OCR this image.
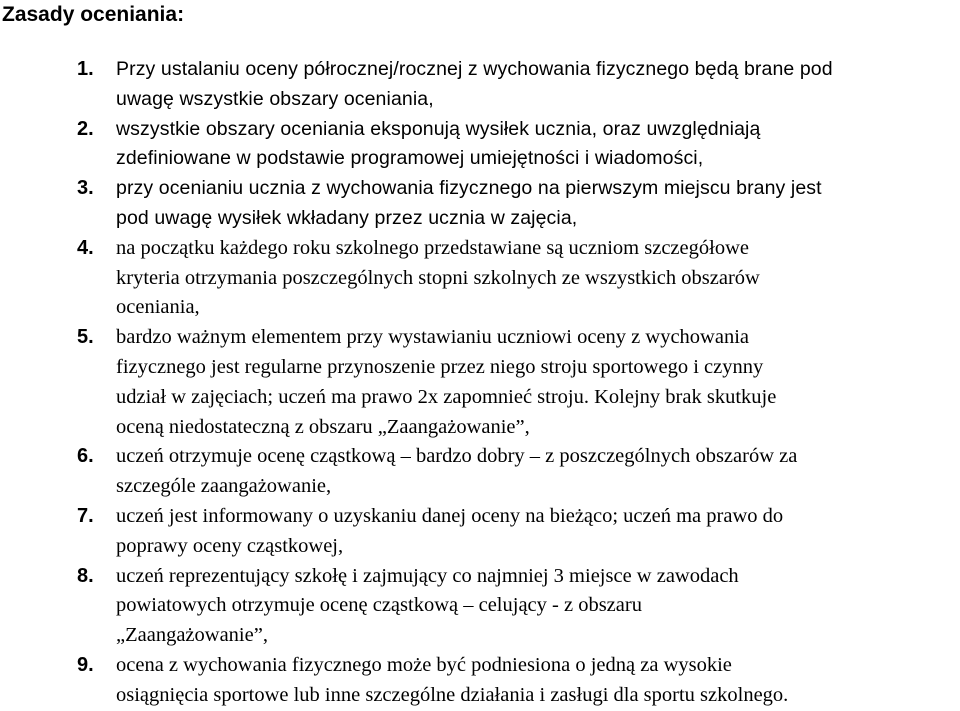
Zasady oceniania:
1.	Przy ustalaniu oceny półrocznej/rocznej z wychowania fizycznego będą brane pod
uwagę wszystkie obszary oceniania,
2.	wszystkie obszary oceniania eksponują wysiłek ucznia, oraz uwzględniają
zdefiniowane w podstawie programowej umiejętności i wiadomości,
3.	przy ocenianiu ucznia z wychowania fizycznego na pierwszym miejscu brany jest
pod uwagę wysiłek wkładany przez ucznia w zajęcia,
4.	na początku każdego roku szkolnego przedstawiane są uczniom szczegółowe
kryteria otrzymania poszczególnych stopni szkolnych ze wszystkich obszarów
oceniania,
5.	bardzo ważnym elementem przy wystawianiu uczniowi oceny z wychowania
fizycznego jest regularne przynoszenie przez niego stroju sportowego i czynny
udział w zajęciach; uczeń ma prawo 2x zapomnieć stroju. Kolejny brak skutkuje
oceną niedostateczną z obszaru „Zaangażowanie”,
6.	uczeń otrzymuje ocenę cząstkową – bardzo dobry – z poszczególnych obszarów za
szczególe zaangażowanie,
7.	uczeń jest informowany o uzyskaniu danej oceny na bieżąco; uczeń ma prawo do
poprawy oceny cząstkowej,
8.	uczeń reprezentujący szkołę i zajmujący co najmniej 3 miejsce w zawodach
powiatowych otrzymuje ocenę cząstkową – celujący - z obszaru
„Zaangażowanie”,
9.	ocena z wychowania fizycznego może być podniesiona o jedną za wysokie
osiągnięcia sportowe lub inne szczególne działania i zasługi dla sportu szkolnego.
